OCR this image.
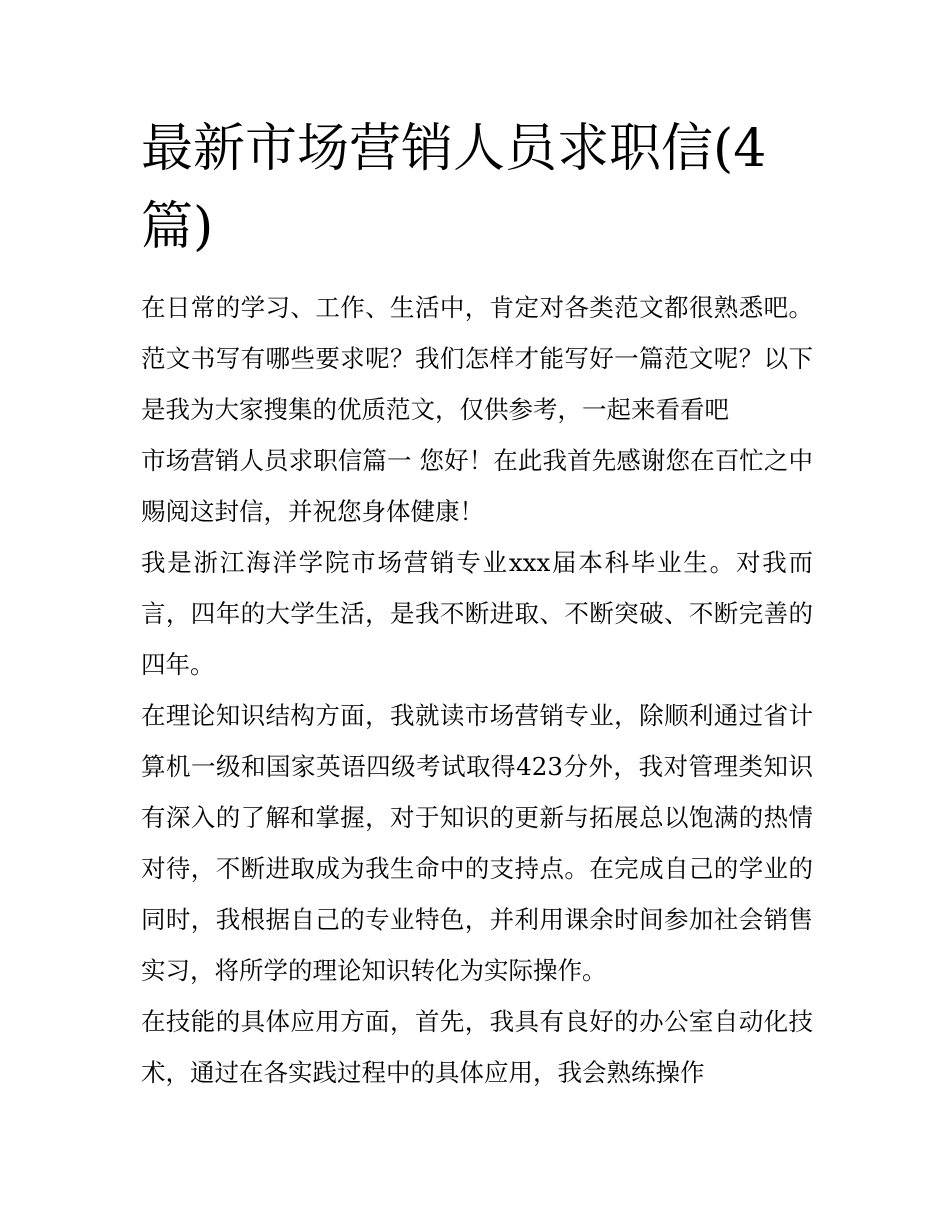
最新市场营销人员求职信(4篇)

在日常的学习、工作、生活中，肯定对各类范文都很熟悉吧。范文书写有哪些要求呢？我们怎样才能写好一篇范文呢？以下是我为大家搜集的优质范文，仅供参考，一起来看看吧

市场营销人员求职信篇一 您好！在此我首先感谢您在百忙之中赐阅这封信，并祝您身体健康！

我是浙江海洋学院市场营销专业xxx届本科毕业生。对我而言，四年的大学生活，是我不断进取、不断突破、不断完善的四年。

在理论知识结构方面，我就读市场营销专业，除顺利通过省计算机一级和国家英语四级考试取得423分外，我对管理类知识有深入的了解和掌握，对于知识的更新与拓展总以饱满的热情对待，不断进取成为我生命中的支持点。在完成自己的学业的同时，我根据自己的专业特色，并利用课余时间参加社会销售实习，将所学的理论知识转化为实际操作。

在技能的具体应用方面，首先，我具有良好的办公室自动化技术，通过在各实践过程中的具体应用，我会熟练操作
